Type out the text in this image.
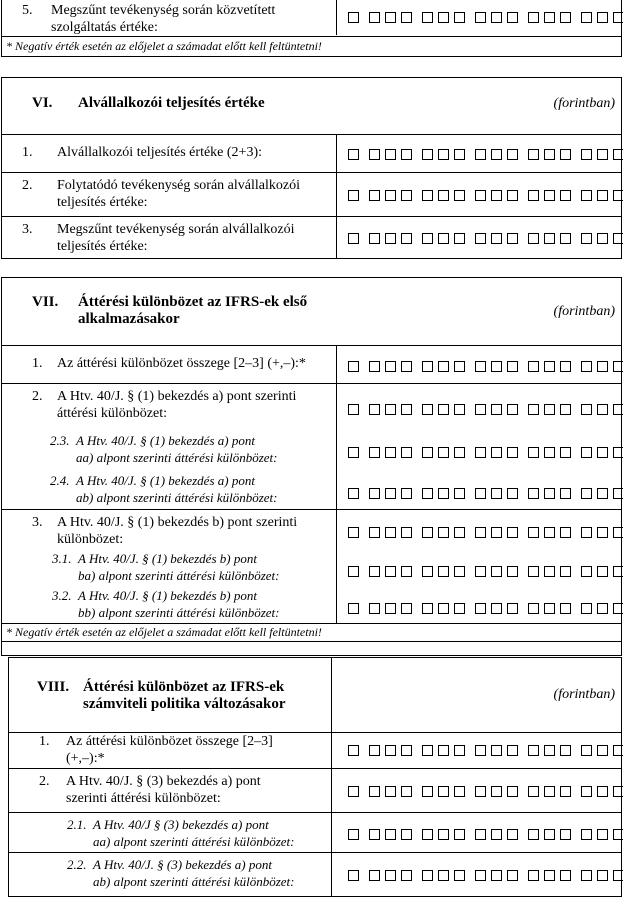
5. Megszűnt tevékenység során közvetített
szolgáltatás értéke:
* Negatív érték esetén az előjelet a számadat előtt kell feltüntetni!
VI. Alvállalkozói teljesítés értéke	(forintban)
1. Alvállalkozói teljesítés értéke (2+3):
2. Folytatódó tevékenység során alvállalkozói
teljesítés értéke:
3. Megszűnt tevékenység során alvállalkozói
teljesítés értéke:
VII. Áttérési különbözet az IFRS-ek első
alkalmazásakor	(forintban)
1. Az áttérési különbözet összege [2–3] (+,–):*
2. A Htv. 40/J. § (1) bekezdés a) pont szerinti
áttérési különbözet:
2.3. A Htv. 40/J. § (1) bekezdés a) pont
aa) alpont szerinti áttérési különbözet:
2.4. A Htv. 40/J. § (1) bekezdés a) pont
ab) alpont szerinti áttérési különbözet:
3. A Htv. 40/J. § (1) bekezdés b) pont szerinti
különbözet:
3.1. A Htv. 40/J. § (1) bekezdés b) pont
ba) alpont szerinti áttérési különbözet:
3.2. A Htv. 40/J. § (1) bekezdés b) pont
bb) alpont szerinti áttérési különbözet:
* Negatív érték esetén az előjelet a számadat előtt kell feltüntetni!
VIII. Áttérési különbözet az IFRS-ek
számviteli politika változásakor
(forintban)
1. Az áttérési különbözet összege [2–3]
(+,–):*
2. A Htv. 40/J. § (3) bekezdés a) pont
szerinti áttérési különbözet:
2.1. A Htv. 40/J § (3) bekezdés a) pont
aa) alpont szerinti áttérési különbözet:
2.2. A Htv. 40/J. § (3) bekezdés a) pont
ab) alpont szerinti áttérési különbözet:
